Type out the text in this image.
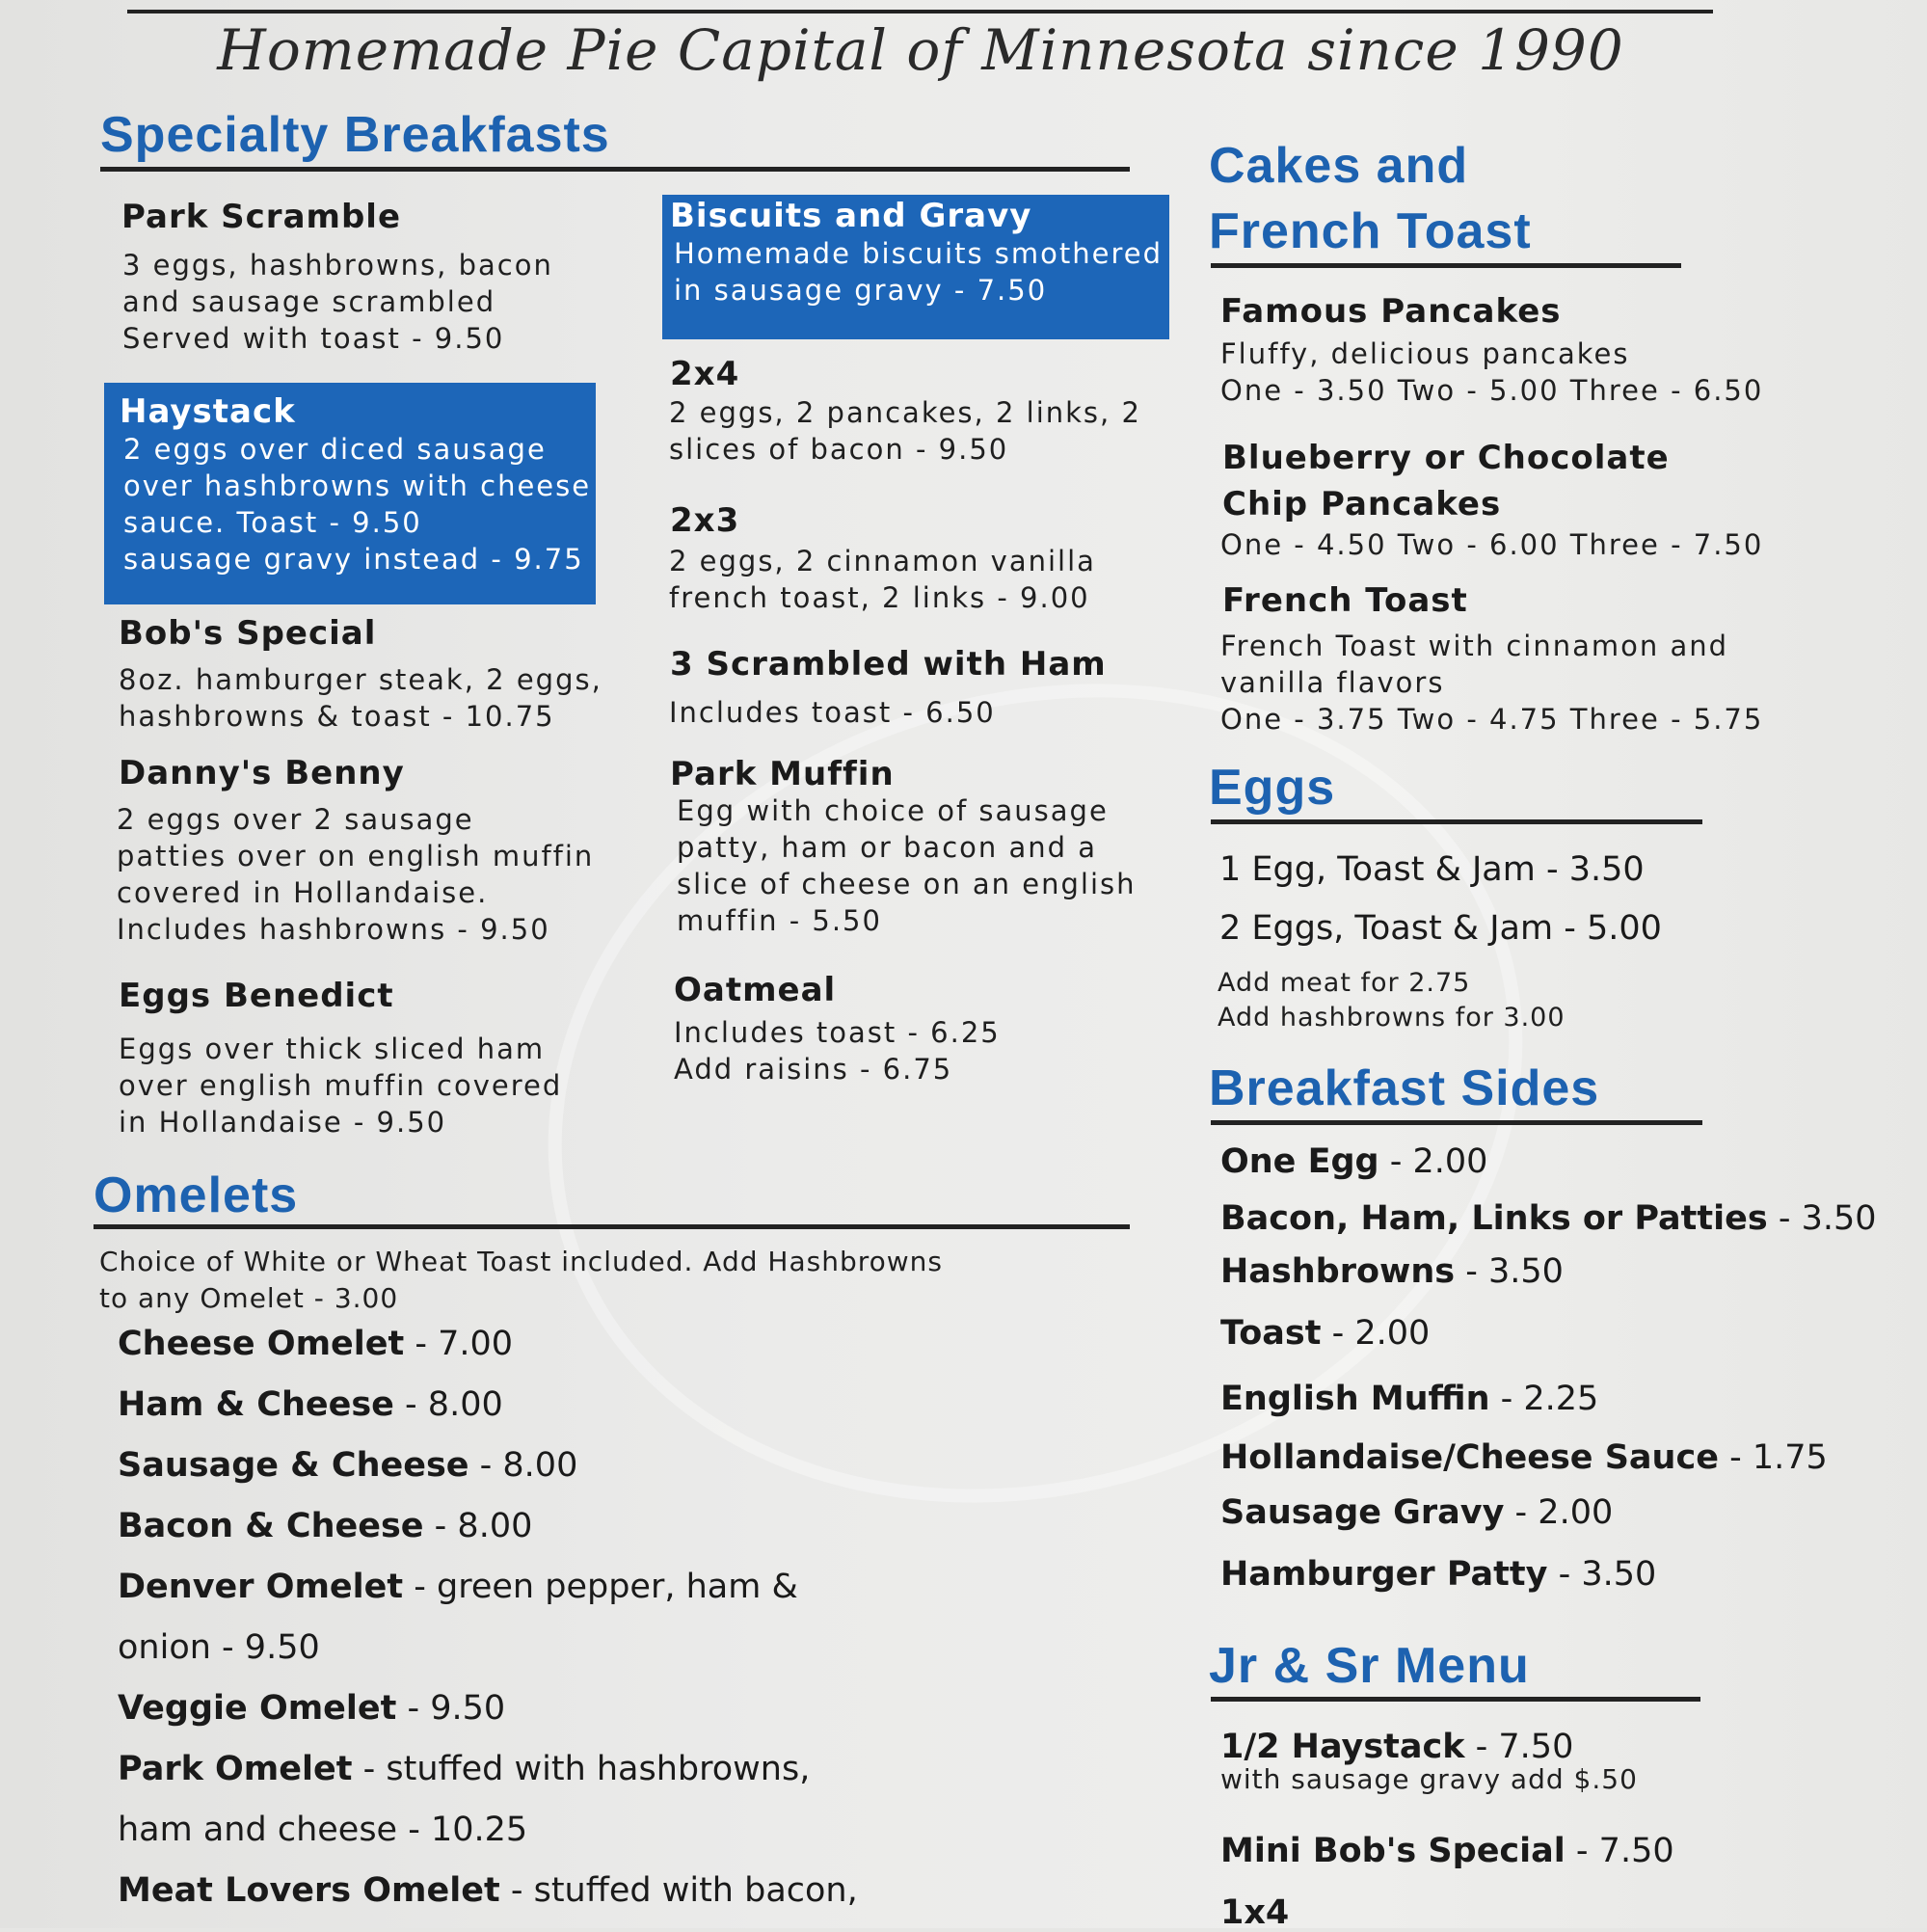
Homemade Pie Capital of Minnesota since 1990
Specialty Breakfasts
Park Scramble
3 eggs, hashbrowns, bacon
and sausage scrambled
Served with toast - 9.50
Haystack
2 eggs over diced sausage
over hashbrowns with cheese
sauce. Toast - 9.50
sausage gravy instead - 9.75
Bob's Special
8oz. hamburger steak, 2 eggs,
hashbrowns & toast - 10.75
Danny's Benny
2 eggs over 2 sausage
patties over on english muffin
covered in Hollandaise.
Includes hashbrowns - 9.50
Eggs Benedict
Eggs over thick sliced ham
over english muffin covered
in Hollandaise - 9.50
Biscuits and Gravy
Homemade biscuits smothered
in sausage gravy - 7.50
2x4
2 eggs, 2 pancakes, 2 links, 2
slices of bacon - 9.50
2x3
2 eggs, 2 cinnamon vanilla
french toast, 2 links - 9.00
3 Scrambled with Ham
Includes toast - 6.50
Park Muffin
Egg with choice of sausage
patty, ham or bacon and a
slice of cheese on an english
muffin - 5.50
Oatmeal
Includes toast - 6.25
Add raisins - 6.75
Omelets
Choice of White or Wheat Toast included. Add Hashbrowns
to any Omelet - 3.00
Cheese Omelet - 7.00
Ham & Cheese - 8.00
Sausage & Cheese - 8.00
Bacon & Cheese - 8.00
Denver Omelet - green pepper, ham &
onion - 9.50
Veggie Omelet - 9.50
Park Omelet - stuffed with hashbrowns,
ham and cheese - 10.25
Meat Lovers Omelet - stuffed with bacon,
Cakes and
French Toast
Famous Pancakes
Fluffy, delicious pancakes
One - 3.50 Two - 5.00 Three - 6.50
Blueberry or Chocolate
Chip Pancakes
One - 4.50 Two - 6.00 Three - 7.50
French Toast
French Toast with cinnamon and
vanilla flavors
One - 3.75 Two - 4.75 Three - 5.75
Eggs
1 Egg, Toast & Jam - 3.50
2 Eggs, Toast & Jam - 5.00
Add meat for 2.75
Add hashbrowns for 3.00
Breakfast Sides
One Egg - 2.00
Bacon, Ham, Links or Patties - 3.50
Hashbrowns - 3.50
Toast - 2.00
English Muffin - 2.25
Hollandaise/Cheese Sauce - 1.75
Sausage Gravy - 2.00
Hamburger Patty - 3.50
Jr & Sr Menu
1/2 Haystack - 7.50
with sausage gravy add $.50
Mini Bob's Special - 7.50
1x4
